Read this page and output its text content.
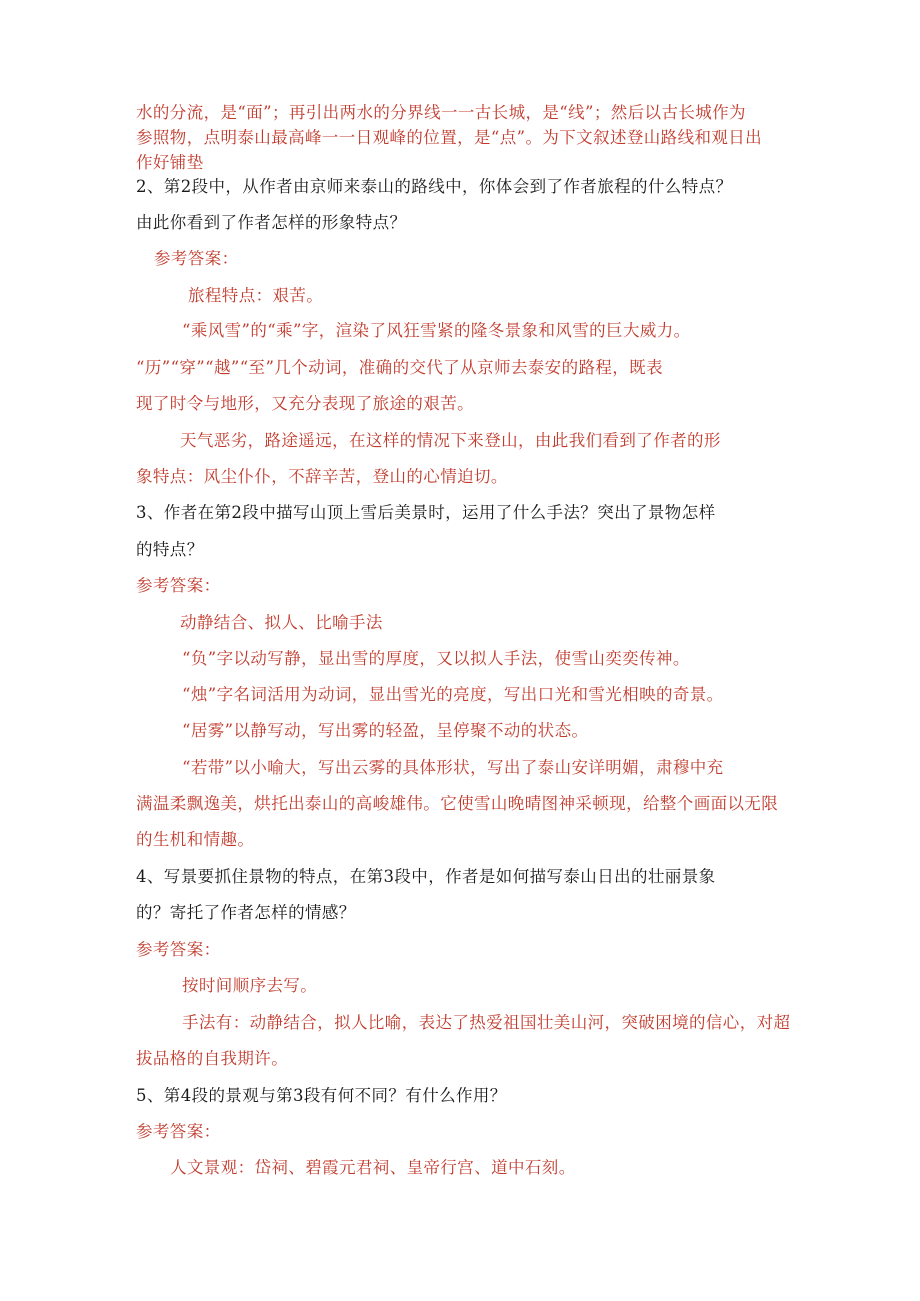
水的分流，是“面”；再引出两水的分界线一一古长城，是“线”；然后以古长城作为
参照物，点明泰山最高峰一一日观峰的位置，是“点”。为下文叙述登山路线和观日出
作好铺垫
2、第2段中，从作者由京师来泰山的路线中，你体会到了作者旅程的什么特点？
由此你看到了作者怎样的形象特点？
参考答案：
旅程特点：艰苦。
“乘风雪”的“乘”字，渲染了风狂雪紧的隆冬景象和风雪的巨大威力。
“历”“穿”“越”“至”几个动词，准确的交代了从京师去泰安的路程，既表
现了时令与地形，又充分表现了旅途的艰苦。
天气恶劣，路途遥远，在这样的情况下来登山，由此我们看到了作者的形
象特点：风尘仆仆，不辞辛苦，登山的心情迫切。
3、作者在第2段中描写山顶上雪后美景时，运用了什么手法？突出了景物怎样
的特点？
参考答案：
动静结合、拟人、比喻手法
“负”字以动写静，显出雪的厚度，又以拟人手法，使雪山奕奕传神。
“烛”字名词活用为动词，显出雪光的亮度，写出口光和雪光相映的奇景。
“居雾”以静写动，写出雾的轻盈，呈停聚不动的状态。
“若带”以小喻大，写出云雾的具体形状，写出了泰山安详明媚，肃穆中充
满温柔飘逸美，烘托出泰山的高峻雄伟。它使雪山晚晴图神采顿现，给整个画面以无限
的生机和情趣。
4、写景要抓住景物的特点，在第3段中，作者是如何描写泰山日出的壮丽景象
的？寄托了作者怎样的情感？
参考答案：
按时间顺序去写。
手法有：动静结合，拟人比喻，表达了热爱祖国壮美山河，突破困境的信心，对超
拔品格的自我期许。
5、第4段的景观与第3段有何不同？有什么作用？
参考答案：
人文景观：岱祠、碧霞元君祠、皇帝行宫、道中石刻。
